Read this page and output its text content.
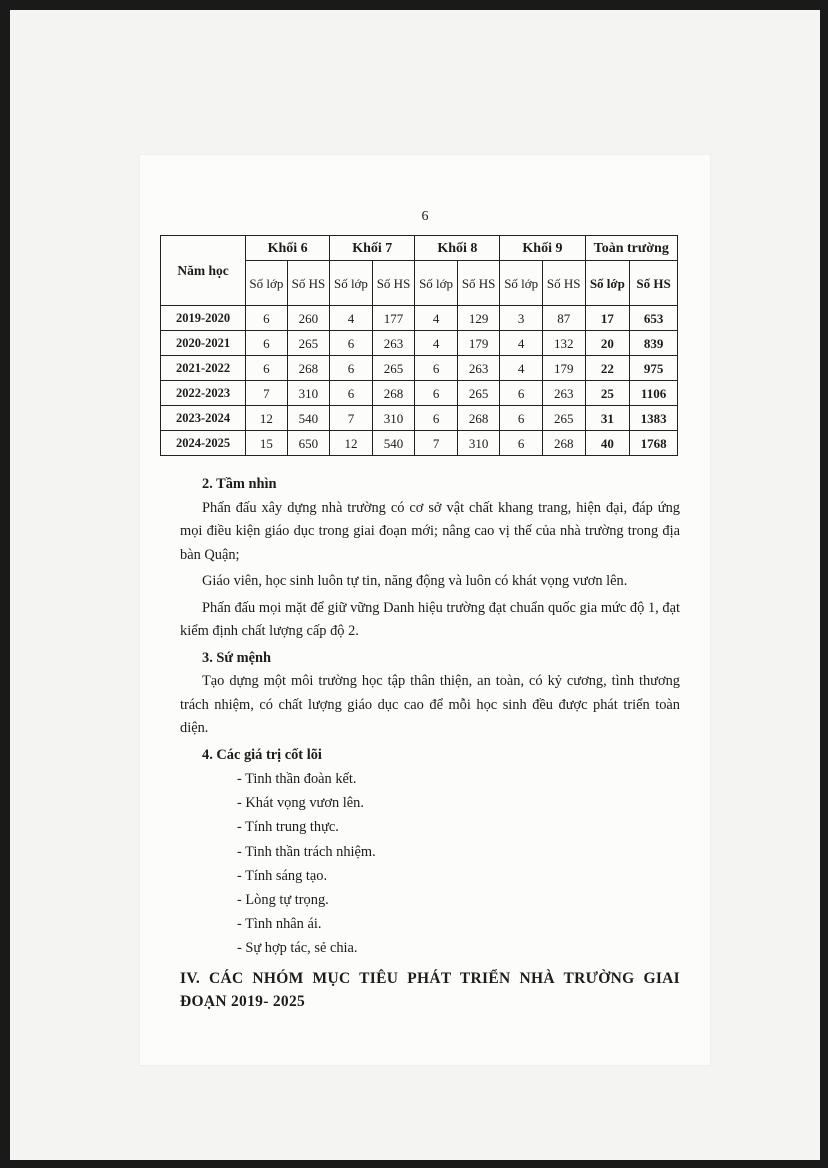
6
Năm học	Khối 6		Khối 7		Khối 8		Khối 9		Toàn trường	
	Số lớp	Số HS	Số lớp	Số HS	Số lớp	Số HS	Số lớp	Số HS	Số lớp	Số HS
2019-2020	6	260	4	177	4	129	3	87	17	653
2020-2021	6	265	6	263	4	179	4	132	20	839
2021-2022	6	268	6	265	6	263	4	179	22	975
2022-2023	7	310	6	268	6	265	6	263	25	1106
2023-2024	12	540	7	310	6	268	6	265	31	1383
2024-2025	15	650	12	540	7	310	6	268	40	1768

2. Tầm nhìn

Phấn đấu xây dựng nhà trường có cơ sở vật chất khang trang, hiện đại, đáp ứng mọi điều kiện giáo dục trong giai đoạn mới; nâng cao vị thế của nhà trường trong địa bàn Quận;

Giáo viên, học sinh luôn tự tin, năng động và luôn có khát vọng vươn lên.

Phấn đấu mọi mặt để giữ vững Danh hiệu trường đạt chuẩn quốc gia mức độ 1, đạt kiểm định chất lượng cấp độ 2.

3. Sứ mệnh

Tạo dựng một môi trường học tập thân thiện, an toàn, có kỷ cương, tình thương trách nhiệm, có chất lượng giáo dục cao để mỗi học sinh đều được phát triển toàn diện.

4. Các giá trị cốt lõi

- Tinh thần đoàn kết.
- Khát vọng vươn lên.
- Tính trung thực.
- Tinh thần trách nhiệm.
- Tính sáng tạo.
- Lòng tự trọng.
- Tình nhân ái.
- Sự hợp tác, sẻ chia.

IV. CÁC NHÓM MỤC TIÊU PHÁT TRIỂN NHÀ TRƯỜNG GIAI ĐOẠN 2019- 2025
